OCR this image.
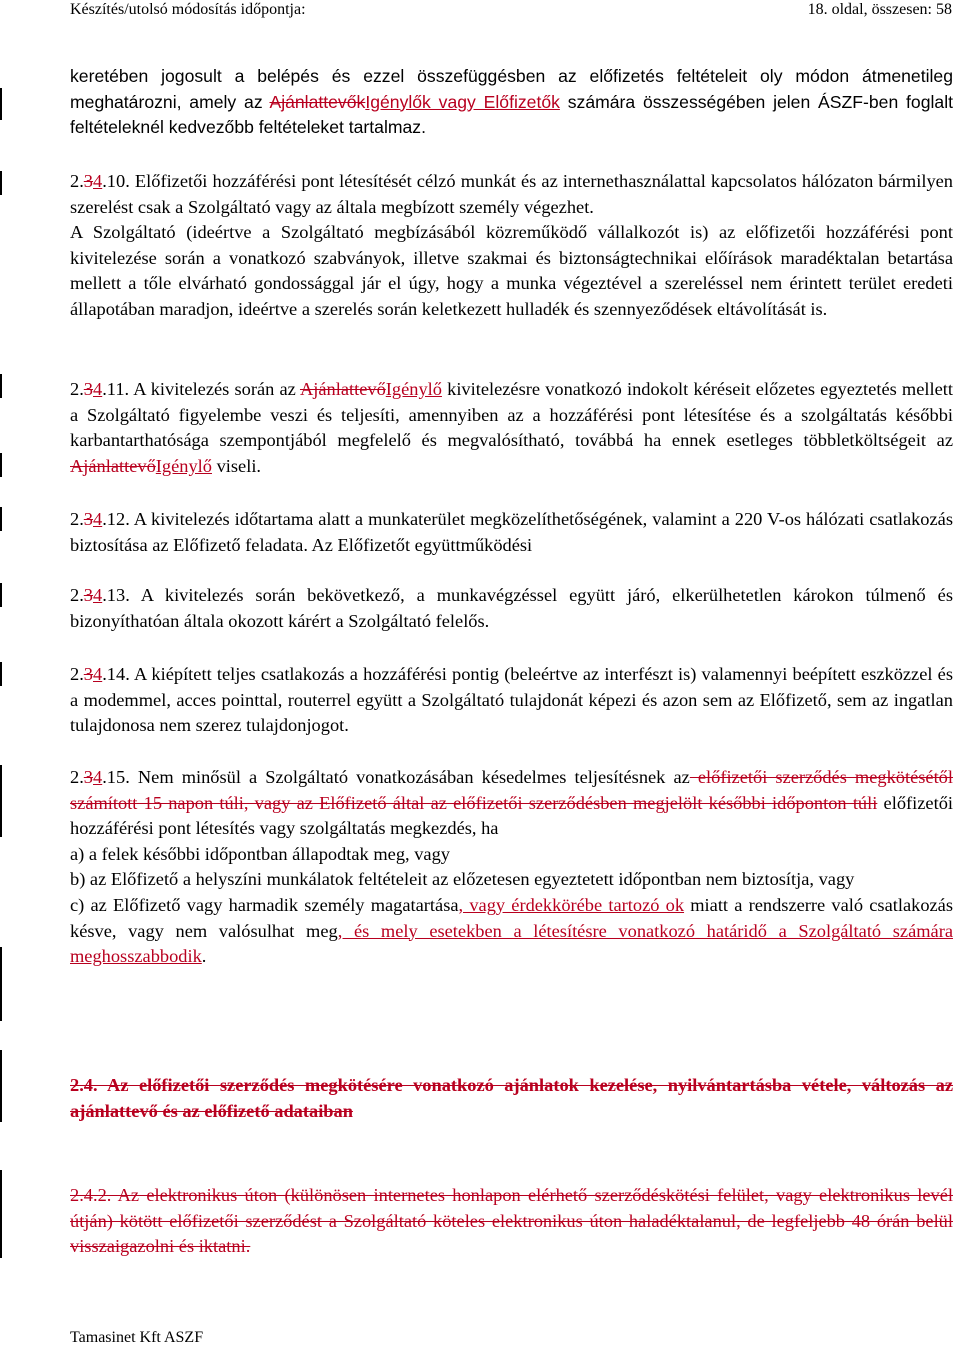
Készítés/utolsó módosítás időpontja:	18. oldal, összesen: 58
keretében jogosult a belépés és ezzel összefüggésben az előfizetés feltételeit oly módon átmenetileg meghatározni, amely az AjánlattevőkIgénylők vagy Előfizetők számára összességében jelen ÁSZF-ben foglalt feltételeknél kedvezőbb feltételeket tartalmaz.
2.34.10. Előfizetői hozzáférési pont létesítését célzó munkát és az internethasználattal kapcsolatos hálózaton bármilyen szerelést csak a Szolgáltató vagy az általa megbízott személy végezhet.
A Szolgáltató (ideértve a Szolgáltató megbízásából közreműködő vállalkozót is) az előfizetői hozzáférési pont kivitelezése során a vonatkozó szabványok, illetve szakmai és biztonságtechnikai előírások maradéktalan betartása mellett a tőle elvárható gondossággal jár el úgy, hogy a munka végeztével a szereléssel nem érintett terület eredeti állapotában maradjon, ideértve a szerelés során keletkezett hulladék és szennyeződések eltávolítását is.
2.34.11. A kivitelezés során az AjánlattevőIgénylő kivitelezésre vonatkozó indokolt kéréseit előzetes egyeztetés mellett a Szolgáltató figyelembe veszi és teljesíti, amennyiben az a hozzáférési pont létesítése és a szolgáltatás későbbi karbantarthatósága szempontjából megfelelő és megvalósítható, továbbá ha ennek esetleges többletköltségeit az AjánlattevőIgénylő viseli.
2.34.12. A kivitelezés időtartama alatt a munkaterület megközelíthetőségének, valamint a 220 V-os hálózati csatlakozás biztosítása az Előfizető feladata. Az Előfizetőt együttműködési
2.34.13. A kivitelezés során bekövetkező, a munkavégzéssel együtt járó, elkerülhetetlen károkon túlmenő és bizonyíthatóan általa okozott kárért a Szolgáltató felelős.
2.34.14. A kiépített teljes csatlakozás a hozzáférési pontig (beleértve az interfészt is) valamennyi beépített eszközzel és a modemmel, acces pointtal, routerrel együtt a Szolgáltató tulajdonát képezi és azon sem az Előfizető, sem az ingatlan tulajdonosa nem szerez tulajdonjogot.
2.34.15. Nem minősül a Szolgáltató vonatkozásában késedelmes teljesítésnek az előfizetői szerződés megkötésétől számított 15 napon túli, vagy az Előfizető által az előfizetői szerződésben megjelölt későbbi időponton túli előfizetői hozzáférési pont létesítés vagy szolgáltatás megkezdés, ha
a) a felek későbbi időpontban állapodtak meg, vagy
b) az Előfizető a helyszíni munkálatok feltételeit az előzetesen egyeztetett időpontban nem biztosítja, vagy
c) az Előfizető vagy harmadik személy magatartása, vagy érdekkörébe tartozó ok miatt a rendszerre való csatlakozás késve, vagy nem valósulhat meg, és mely esetekben a létesítésre vonatkozó határidő a Szolgáltató számára meghosszabbodik.
2.4. Az előfizetői szerződés megkötésére vonatkozó ajánlatok kezelése, nyilvántartásba vétele, változás az ajánlattevő és az előfizető adataiban
2.4.2. Az elektronikus úton (különösen internetes honlapon elérhető szerződéskötési felület, vagy elektronikus levél útján) kötött előfizetői szerződést a Szolgáltató köteles elektronikus úton haladéktalanul, de legfeljebb 48 órán belül visszaigazolni és iktatni.
Tamasinet Kft ASZF
